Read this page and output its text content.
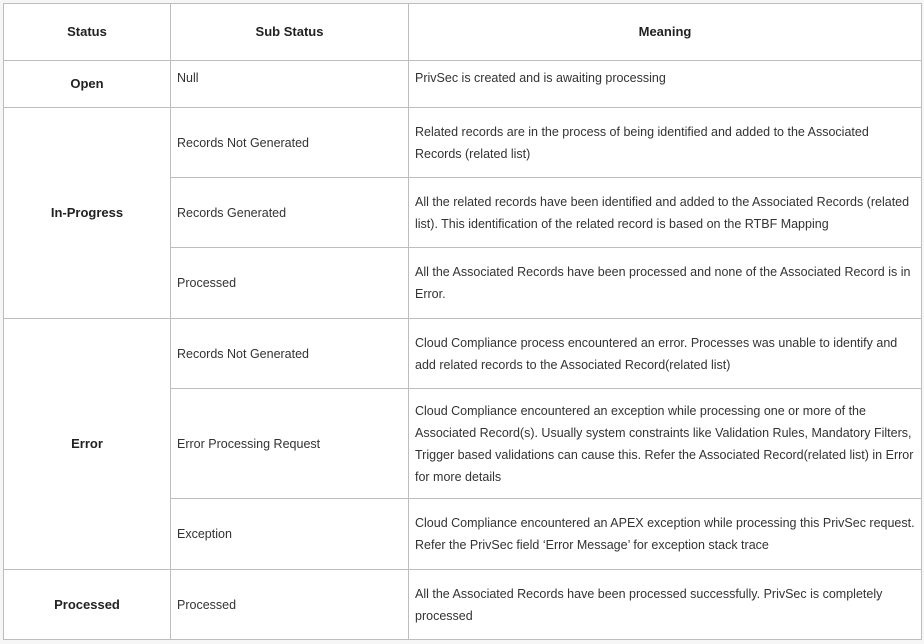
Status	Sub Status	Meaning
Open	Null	PrivSec is created and is awaiting processing
In-Progress	Records Not Generated	Related records are in the process of being identified and added to the Associated Records (related list)
	Records Generated	All the related records have been identified and added to the Associated Records (related list). This identification of the related record is based on the RTBF Mapping
	Processed	All the Associated Records have been processed and none of the Associated Record is in Error.
Error	Records Not Generated	Cloud Compliance process encountered an error. Processes was unable to identify and add related records to the Associated Record(related list)
	Error Processing Request	Cloud Compliance encountered an exception while processing one or more of the Associated Record(s). Usually system constraints like Validation Rules, Mandatory Filters, Trigger based validations can cause this. Refer the Associated Record(related list) in Error for more details
	Exception	Cloud Compliance encountered an APEX exception while processing this PrivSec request. Refer the PrivSec field ‘Error Message’ for exception stack trace
Processed	Processed	All the Associated Records have been processed successfully. PrivSec is completely processed
